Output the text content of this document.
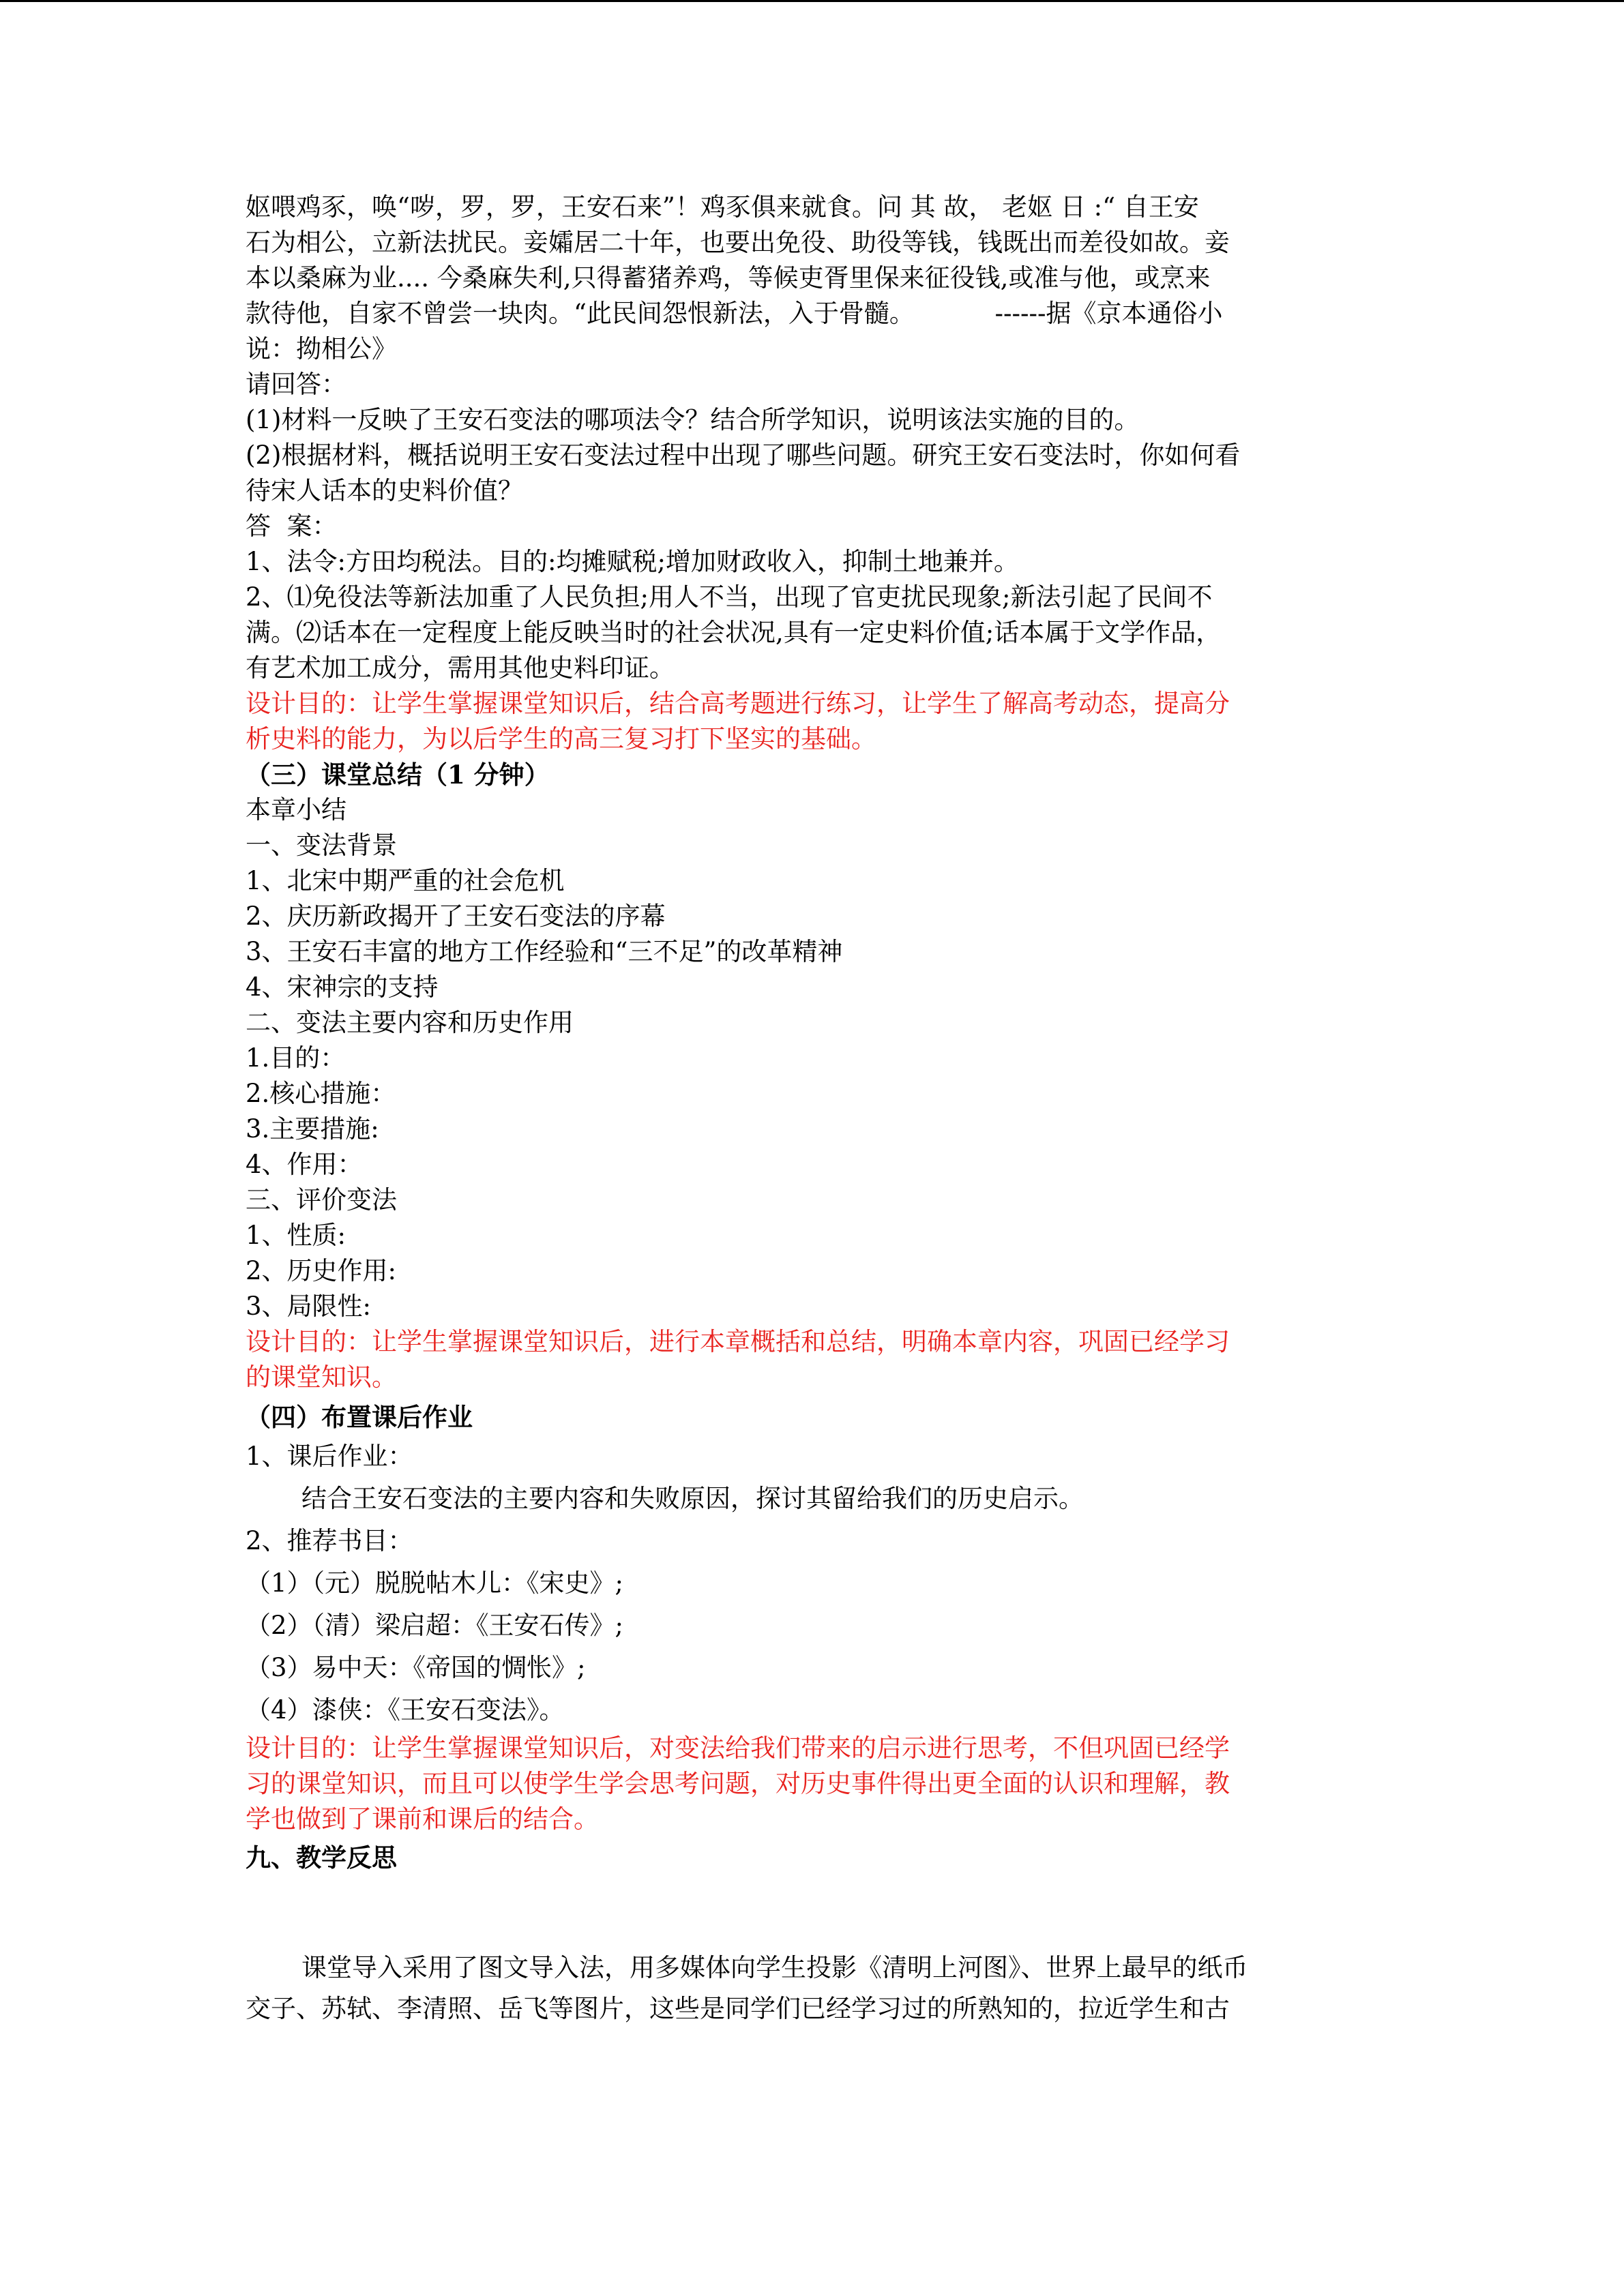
妪喂鸡豕，唤“哕，罗，罗，王安石来”！鸡豕俱来就食。问 其 故， 老妪 日 :“ 自王安

石为相公，立新法扰民。妾孀居二十年，也要出免役、助役等钱，钱既出而差役如故。妾

本以桑麻为业.... 今桑麻失利,只得蓄猪养鸡，等候吏胥里保来征役钱,或准与他，或烹来

款待他，自家不曾尝一块肉。“此民间怨恨新法，入于骨髓。          ------据《京本通俗小

说：拗相公》

请回答：

(1)材料一反映了王安石变法的哪项法令？结合所学知识，说明该法实施的目的。

(2)根据材料，概括说明王安石变法过程中出现了哪些问题。研究王安石变法时，你如何看

待宋人话本的史料价值？

答  案：

1、法令:方田均税法。目的:均摊赋税;增加财政收入，抑制土地兼并。

2、⑴免役法等新法加重了人民负担;用人不当，出现了官吏扰民现象;新法引起了民间不

满。⑵话本在一定程度上能反映当时的社会状况,具有一定史料价值;话本属于文学作品，

有艺术加工成分，需用其他史料印证。

设计目的：让学生掌握课堂知识后，结合高考题进行练习，让学生了解高考动态，提高分

析史料的能力，为以后学生的高三复习打下坚实的基础。

（三）课堂总结（1 分钟）

本章小结

一、变法背景

1、北宋中期严重的社会危机

2、庆历新政揭开了王安石变法的序幕

3、王安石丰富的地方工作经验和“三不足”的改革精神

4、宋神宗的支持

二、变法主要内容和历史作用

1.目的：

2.核心措施：

3.主要措施:

4、作用：

三、评价变法

1、性质:

2、历史作用:

3、局限性:

设计目的：让学生掌握课堂知识后，进行本章概括和总结，明确本章内容，巩固已经学习

的课堂知识。

（四）布置课后作业

1、课后作业：

结合王安石变法的主要内容和失败原因，探讨其留给我们的历史启示。

2、推荐书目：

（1）（元）脱脱帖木儿：《宋史》;

（2）（清）梁启超：《王安石传》;

（3）易中天：《帝国的惆怅》;

（4）漆侠：《王安石变法》。

设计目的：让学生掌握课堂知识后，对变法给我们带来的启示进行思考，不但巩固已经学

习的课堂知识，而且可以使学生学会思考问题，对历史事件得出更全面的认识和理解，教

学也做到了课前和课后的结合。

九、教学反思

课堂导入采用了图文导入法，用多媒体向学生投影《清明上河图》、世界上最早的纸币

交子、苏轼、李清照、岳飞等图片，这些是同学们已经学习过的所熟知的，拉近学生和古
